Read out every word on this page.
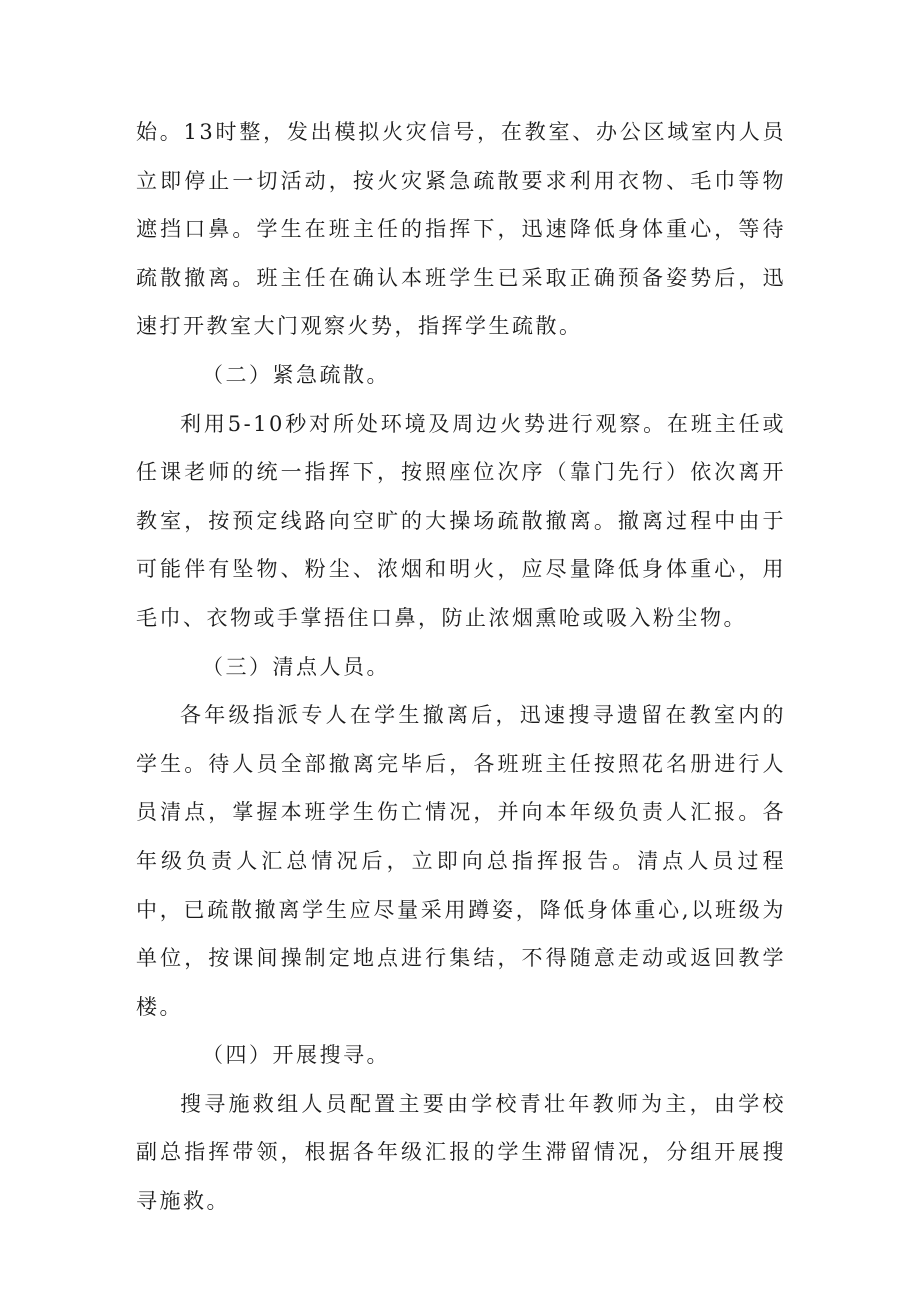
始。13时整，发出模拟火灾信号，在教室、办公区域室内人员立即停止一切活动，按火灾紧急疏散要求利用衣物、毛巾等物遮挡口鼻。学生在班主任的指挥下，迅速降低身体重心，等待疏散撤离。班主任在确认本班学生已采取正确预备姿势后，迅速打开教室大门观察火势，指挥学生疏散。

（二）紧急疏散。

利用5-10秒对所处环境及周边火势进行观察。在班主任或任课老师的统一指挥下，按照座位次序（靠门先行）依次离开教室，按预定线路向空旷的大操场疏散撤离。撤离过程中由于可能伴有坠物、粉尘、浓烟和明火，应尽量降低身体重心，用毛巾、衣物或手掌捂住口鼻，防止浓烟熏呛或吸入粉尘物。

（三）清点人员。

各年级指派专人在学生撤离后，迅速搜寻遗留在教室内的学生。待人员全部撤离完毕后，各班班主任按照花名册进行人员清点，掌握本班学生伤亡情况，并向本年级负责人汇报。各年级负责人汇总情况后，立即向总指挥报告。清点人员过程中，已疏散撤离学生应尽量采用蹲姿，降低身体重心,以班级为单位，按课间操制定地点进行集结，不得随意走动或返回教学楼。

（四）开展搜寻。

搜寻施救组人员配置主要由学校青壮年教师为主，由学校副总指挥带领，根据各年级汇报的学生滞留情况，分组开展搜寻施救。
